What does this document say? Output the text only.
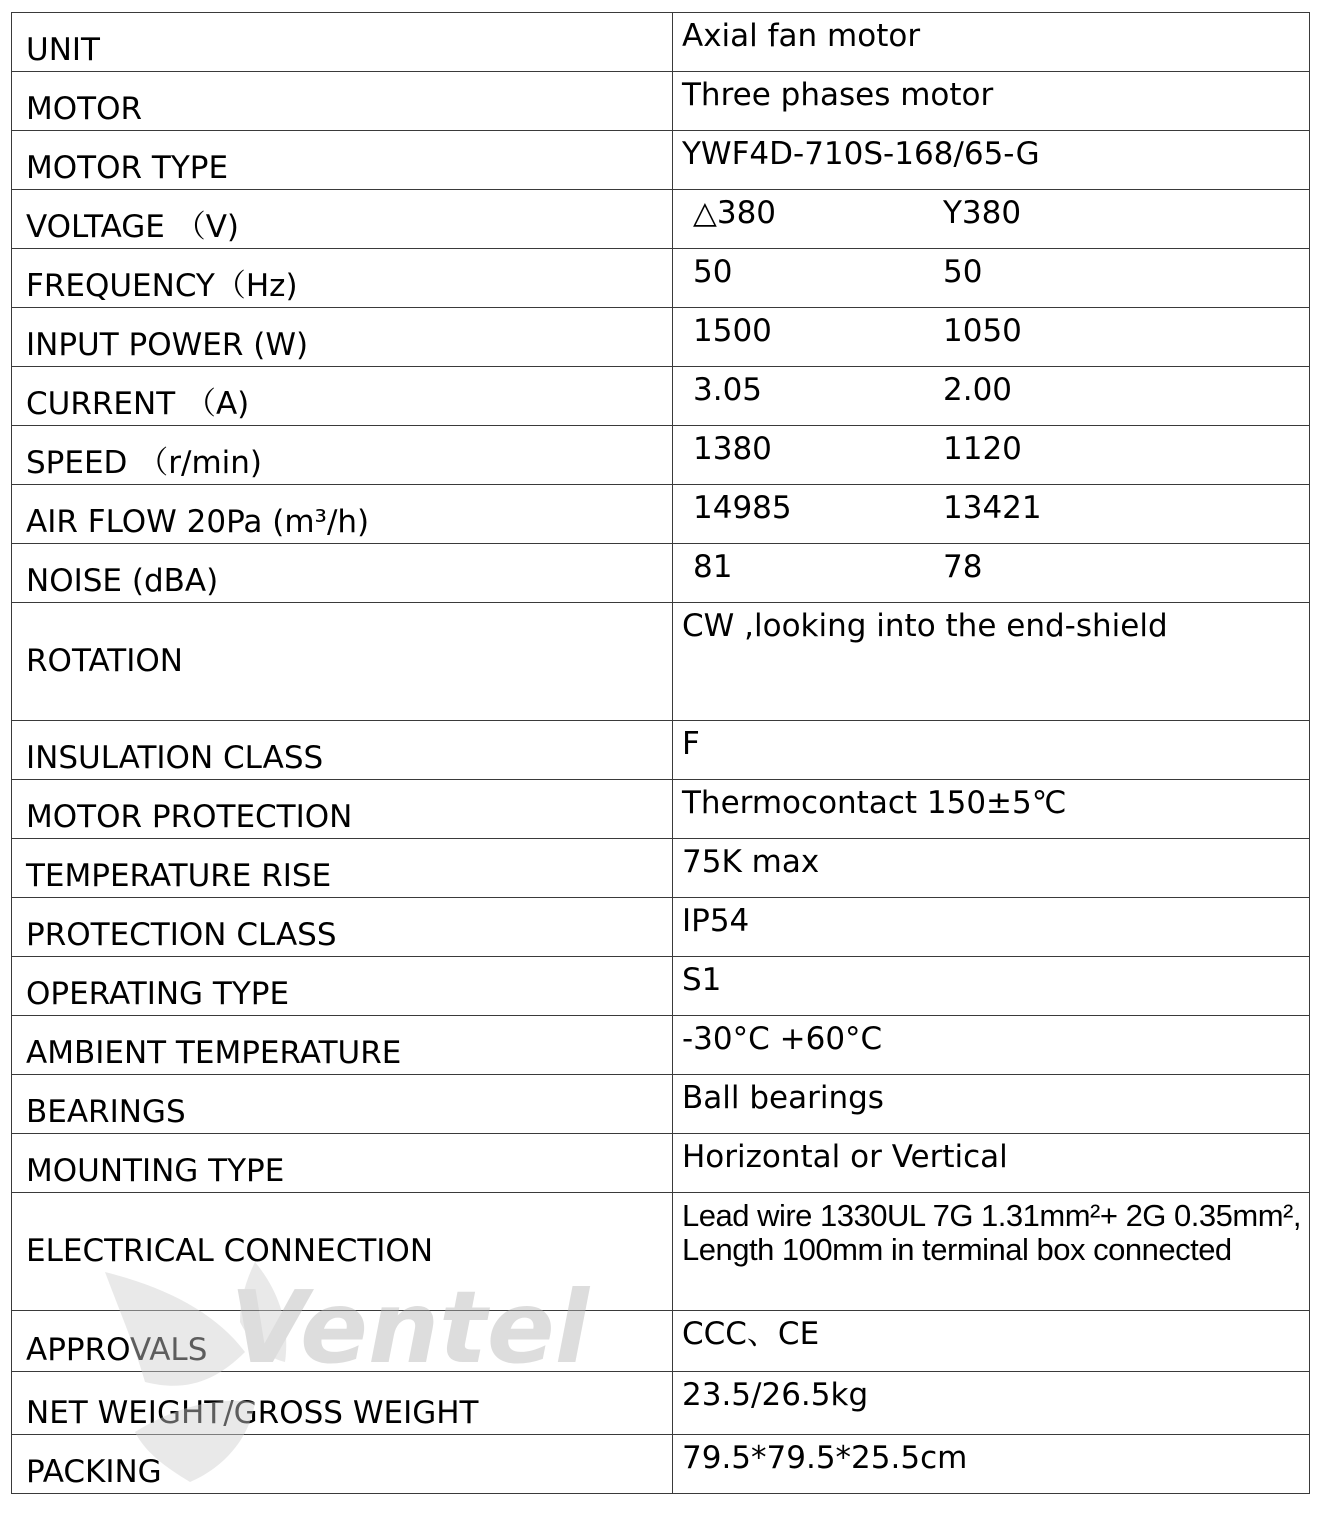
UNIT	Axial fan motor
MOTOR	Three phases motor
MOTOR TYPE	YWF4D-710S-168/65-G
VOLTAGE （V)	△380 Y380
FREQUENCY（Hz)	50 50
INPUT POWER (W)	1500 1050
CURRENT （A)	3.05 2.00
SPEED （r/min)	1380 1120
AIR FLOW 20Pa (m³/h)	14985 13421
NOISE (dBA)	81 78
ROTATION	CW ,looking into the end-shield
INSULATION CLASS	F
MOTOR PROTECTION	Thermocontact 150±5℃
TEMPERATURE RISE	75K max
PROTECTION CLASS	IP54
OPERATING TYPE	S1
AMBIENT TEMPERATURE	-30°C +60°C
BEARINGS	Ball bearings
MOUNTING TYPE	Horizontal or Vertical
ELECTRICAL CONNECTION	Lead wire 1330UL 7G 1.31mm²+ 2G 0.35mm²,
Length 100mm in terminal box connected

APPROVALS	CCC、CE
NET WEIGHT/GROSS WEIGHT	23.5/26.5kg
PACKING	79.5*79.5*25.5cm
Ventel
